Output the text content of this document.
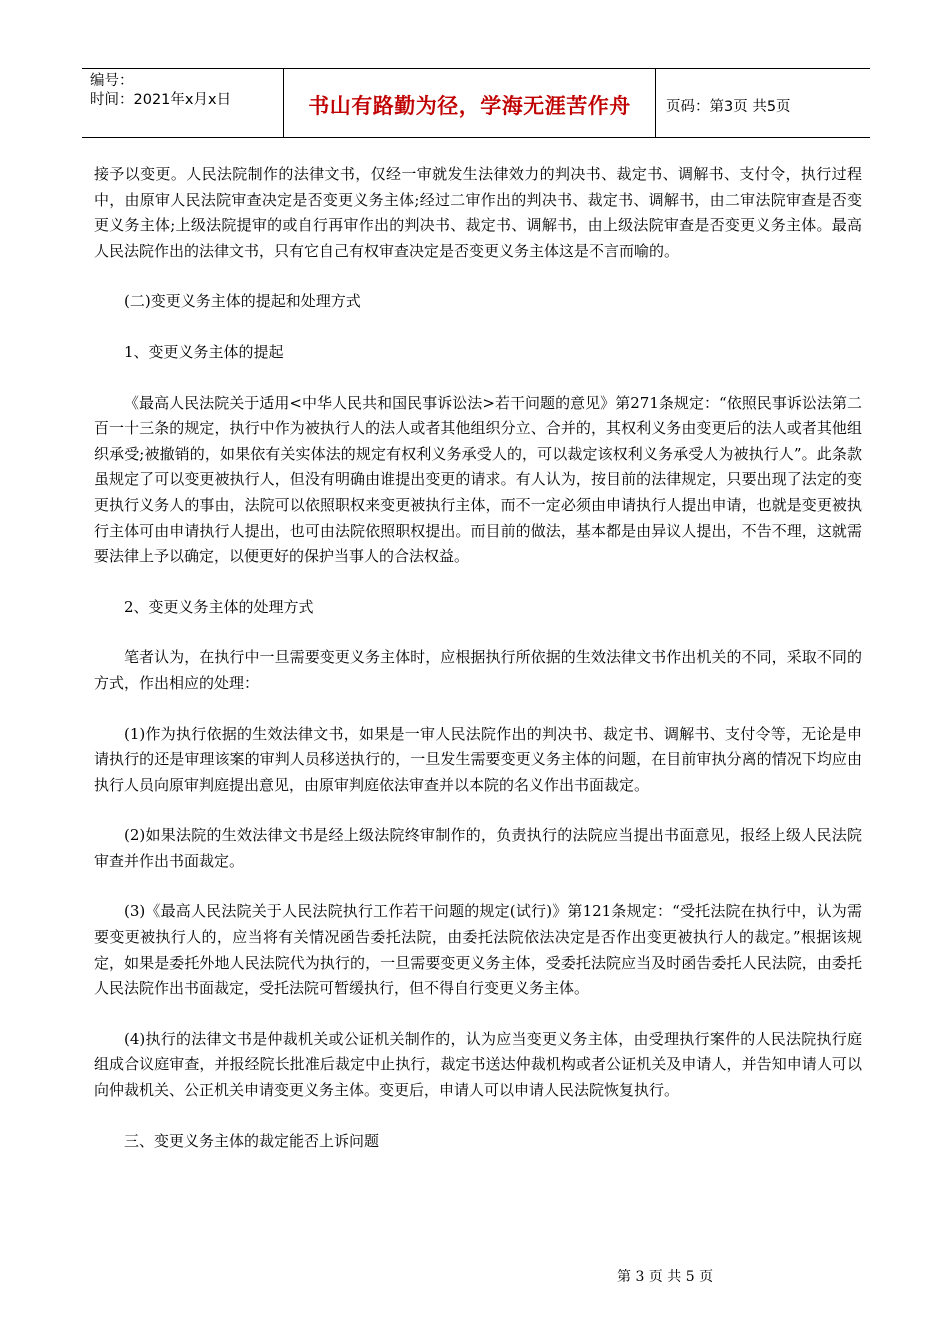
编号：
时间：2021年x月x日	书山有路勤为径，学海无涯苦作舟	页码：第3页 共5页

接予以变更。人民法院制作的法律文书，仅经一审就发生法律效力的判决书、裁定书、调解书、支付令，执行过程中，由原审人民法院审查决定是否变更义务主体;经过二审作出的判决书、裁定书、调解书，由二审法院审查是否变更义务主体;上级法院提审的或自行再审作出的判决书、裁定书、调解书，由上级法院审查是否变更义务主体。最高人民法院作出的法律文书，只有它自己有权审查决定是否变更义务主体这是不言而喻的。

(二)变更义务主体的提起和处理方式

1、变更义务主体的提起

《最高人民法院关于适用<中华人民共和国民事诉讼法>若干问题的意见》第271条规定：“依照民事诉讼法第二百一十三条的规定，执行中作为被执行人的法人或者其他组织分立、合并的，其权利义务由变更后的法人或者其他组织承受;被撤销的，如果依有关实体法的规定有权利义务承受人的，可以裁定该权利义务承受人为被执行人”。此条款虽规定了可以变更被执行人，但没有明确由谁提出变更的请求。有人认为，按目前的法律规定，只要出现了法定的变更执行义务人的事由，法院可以依照职权来变更被执行主体，而不一定必须由申请执行人提出申请，也就是变更被执行主体可由申请执行人提出，也可由法院依照职权提出。而目前的做法，基本都是由异议人提出，不告不理，这就需要法律上予以确定，以便更好的保护当事人的合法权益。

2、变更义务主体的处理方式

笔者认为，在执行中一旦需要变更义务主体时，应根据执行所依据的生效法律文书作出机关的不同，采取不同的方式，作出相应的处理：

(1)作为执行依据的生效法律文书，如果是一审人民法院作出的判决书、裁定书、调解书、支付令等，无论是申请执行的还是审理该案的审判人员移送执行的，一旦发生需要变更义务主体的问题，在目前审执分离的情况下均应由执行人员向原审判庭提出意见，由原审判庭依法审查并以本院的名义作出书面裁定。

(2)如果法院的生效法律文书是经上级法院终审制作的，负责执行的法院应当提出书面意见，报经上级人民法院审查并作出书面裁定。

(3)《最高人民法院关于人民法院执行工作若干问题的规定(试行)》第121条规定：“受托法院在执行中，认为需要变更被执行人的，应当将有关情况函告委托法院，由委托法院依法决定是否作出变更被执行人的裁定。”根据该规定，如果是委托外地人民法院代为执行的，一旦需要变更义务主体，受委托法院应当及时函告委托人民法院，由委托人民法院作出书面裁定，受托法院可暂缓执行，但不得自行变更义务主体。

(4)执行的法律文书是仲裁机关或公证机关制作的，认为应当变更义务主体，由受理执行案件的人民法院执行庭组成合议庭审查，并报经院长批准后裁定中止执行，裁定书送达仲裁机构或者公证机关及申请人，并告知申请人可以向仲裁机关、公正机关申请变更义务主体。变更后，申请人可以申请人民法院恢复执行。

三、变更义务主体的裁定能否上诉问题

第 3 页 共 5 页
